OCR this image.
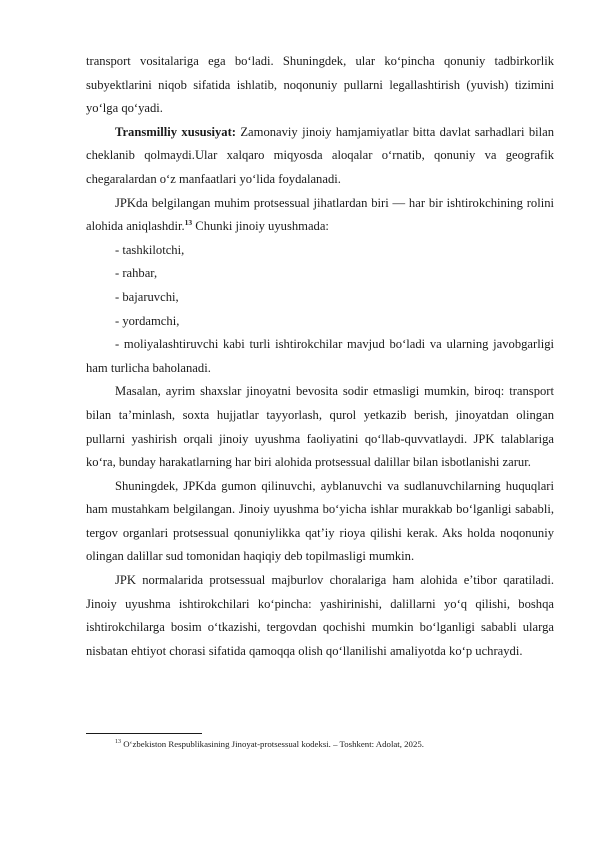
transport vositalariga ega boʻladi. Shuningdek, ular koʻpincha qonuniy tadbirkorlik subyektlarini niqob sifatida ishlatib, noqonuniy pullarni legallashtirish (yuvish) tizimini yo‘lga qoʻyadi.

Transmilliy xususiyat: Zamonaviy jinoiy hamjamiyatlar bitta davlat sarhadlari bilan cheklanib qolmaydi.Ular xalqaro miqyosda aloqalar oʻrnatib, qonuniy va geografik chegaralardan oʻz manfaatlari yoʻlida foydalanadi.

JPKda belgilangan muhim protsessual jihatlardan biri — har bir ishtirokchining rolini alohida aniqlashdir.$^{13}$ Chunki jinoiy uyushmada:

- tashkilotchi,

- rahbar,

- bajaruvchi,

- yordamchi,

- moliyalashtiruvchi kabi turli ishtirokchilar mavjud bo‘ladi va ularning javobgarligi ham turlicha baholanadi.

Masalan, ayrim shaxslar jinoyatni bevosita sodir etmasligi mumkin, biroq: transport bilan ta’minlash, soxta hujjatlar tayyorlash, qurol yetkazib berish, jinoyatdan olingan pullarni yashirish orqali jinoiy uyushma faoliyatini qo‘llab-quvvatlaydi. JPK talablariga ko‘ra, bunday harakatlarning har biri alohida protsessual dalillar bilan isbotlanishi zarur.

Shuningdek, JPKda gumon qilinuvchi, ayblanuvchi va sudlanuvchilarning huquqlari ham mustahkam belgilangan. Jinoiy uyushma bo‘yicha ishlar murakkab bo‘lganligi sababli, tergov organlari protsessual qonuniylikka qat’iy rioya qilishi kerak. Aks holda noqonuniy olingan dalillar sud tomonidan haqiqiy deb topilmasligi mumkin.

JPK normalarida protsessual majburlov choralariga ham alohida e’tibor qaratiladi. Jinoiy uyushma ishtirokchilari ko‘pincha: yashirinishi, dalillarni yo‘q qilishi, boshqa ishtirokchilarga bosim o‘tkazishi, tergovdan qochishi mumkin bo‘lganligi sababli ularga nisbatan ehtiyot chorasi sifatida qamoqqa olish qo‘llanilishi amaliyotda ko‘p uchraydi.

$^{13}$ O‘zbekiston Respublikasining Jinoyat-protsessual kodeksi. – Toshkent: Adolat, 2025.
